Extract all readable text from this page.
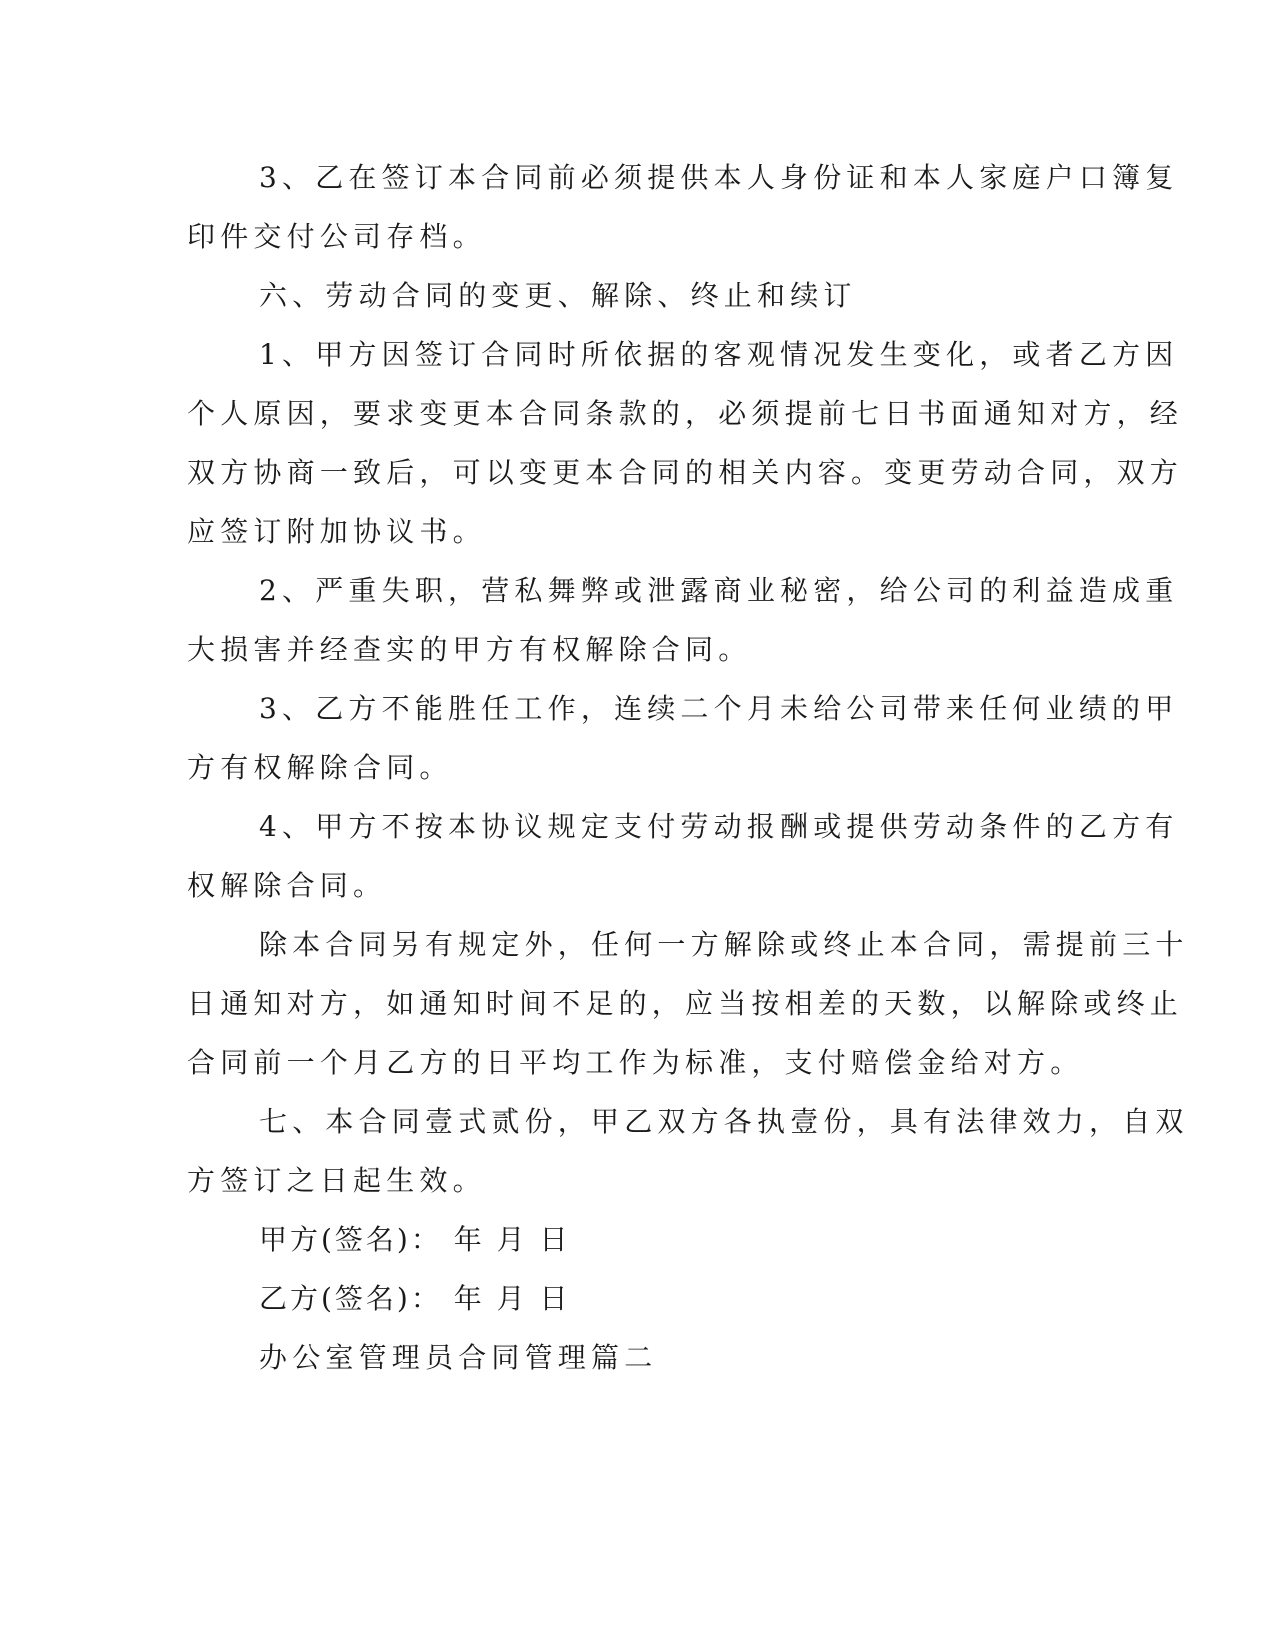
3、乙在签订本合同前必须提供本人身份证和本人家庭户口簿复
印件交付公司存档。
六、劳动合同的变更、解除、终止和续订
1、甲方因签订合同时所依据的客观情况发生变化，或者乙方因
个人原因，要求变更本合同条款的，必须提前七日书面通知对方，经
双方协商一致后，可以变更本合同的相关内容。变更劳动合同，双方
应签订附加协议书。
2、严重失职，营私舞弊或泄露商业秘密，给公司的利益造成重
大损害并经查实的甲方有权解除合同。
3、乙方不能胜任工作，连续二个月未给公司带来任何业绩的甲
方有权解除合同。
4、甲方不按本协议规定支付劳动报酬或提供劳动条件的乙方有
权解除合同。
除本合同另有规定外，任何一方解除或终止本合同，需提前三十
日通知对方，如通知时间不足的，应当按相差的天数，以解除或终止
合同前一个月乙方的日平均工作为标准，支付赔偿金给对方。
七、本合同壹式贰份，甲乙双方各执壹份，具有法律效力，自双
方签订之日起生效。
甲方(签名)： 年 月 日
乙方(签名)： 年 月 日
办公室管理员合同管理篇二
